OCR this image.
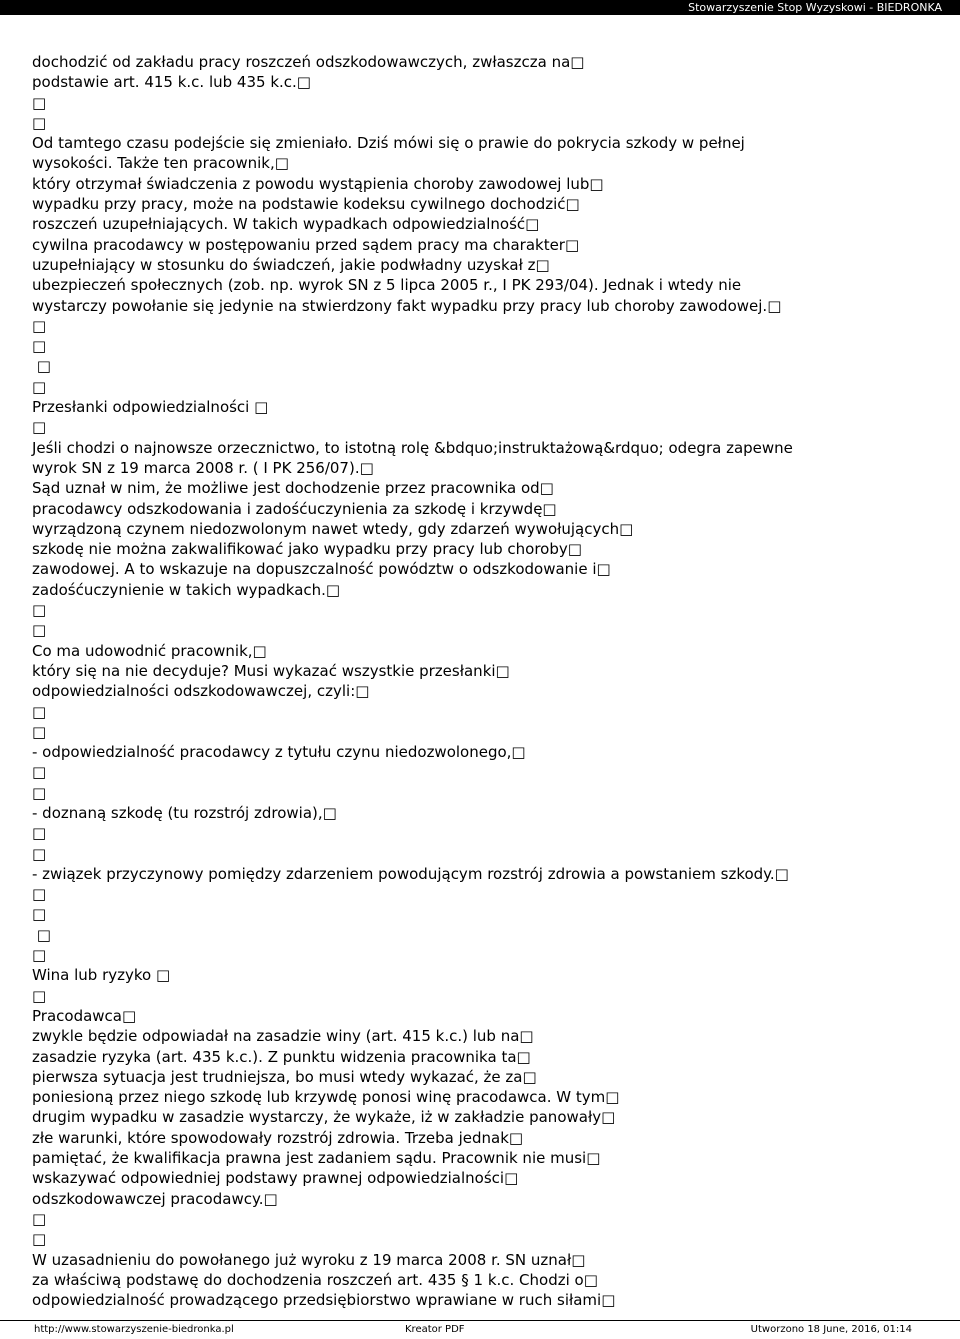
Stowarzyszenie Stop Wyzyskowi - BIEDRONKA
dochodzić od zakładu pracy roszczeń odszkodowawczych, zwłaszcza na□
podstawie art. 415 k.c. lub 435 k.c.□
□
□
Od tamtego czasu podejście się zmieniało. Dziś mówi się o prawie do pokrycia szkody w pełnej
wysokości. Także ten pracownik,□
który otrzymał świadczenia z powodu wystąpienia choroby zawodowej lub□
wypadku przy pracy, może na podstawie kodeksu cywilnego dochodzić□
roszczeń uzupełniających. W takich wypadkach odpowiedzialność□
cywilna pracodawcy w postępowaniu przed sądem pracy ma charakter□
uzupełniający w stosunku do świadczeń, jakie podwładny uzyskał z□
ubezpieczeń społecznych (zob. np. wyrok SN z 5 lipca 2005 r., I PK 293/04). Jednak i wtedy nie
wystarczy powołanie się jedynie na stwierdzony fakt wypadku przy pracy lub choroby zawodowej.□
□
□
□
□
Przesłanki odpowiedzialności □
□
Jeśli chodzi o najnowsze orzecznictwo, to istotną rolę &bdquo;instruktażową&rdquo; odegra zapewne
wyrok SN z 19 marca 2008 r. ( I PK 256/07).□
Sąd uznał w nim, że możliwe jest dochodzenie przez pracownika od□
pracodawcy odszkodowania i zadośćuczynienia za szkodę i krzywdę□
wyrządzoną czynem niedozwolonym nawet wtedy, gdy zdarzeń wywołujących□
szkodę nie można zakwalifikować jako wypadku przy pracy lub choroby□
zawodowej. A to wskazuje na dopuszczalność powództw o odszkodowanie i□
zadośćuczynienie w takich wypadkach.□
□
□
Co ma udowodnić pracownik,□
który się na nie decyduje? Musi wykazać wszystkie przesłanki□
odpowiedzialności odszkodowawczej, czyli:□
□
□
- odpowiedzialność pracodawcy z tytułu czynu niedozwolonego,□
□
□
- doznaną szkodę (tu rozstrój zdrowia),□
□
□
- związek przyczynowy pomiędzy zdarzeniem powodującym rozstrój zdrowia a powstaniem szkody.□
□
□
□
□
Wina lub ryzyko □
□
Pracodawca□
zwykle będzie odpowiadał na zasadzie winy (art. 415 k.c.) lub na□
zasadzie ryzyka (art. 435 k.c.). Z punktu widzenia pracownika ta□
pierwsza sytuacja jest trudniejsza, bo musi wtedy wykazać, że za□
poniesioną przez niego szkodę lub krzywdę ponosi winę pracodawca. W tym□
drugim wypadku w zasadzie wystarczy, że wykaże, iż w zakładzie panowały□
złe warunki, które spowodowały rozstrój zdrowia. Trzeba jednak□
pamiętać, że kwalifikacja prawna jest zadaniem sądu. Pracownik nie musi□
wskazywać odpowiedniej podstawy prawnej odpowiedzialności□
odszkodowawczej pracodawcy.□
□
□
W uzasadnieniu do powołanego już wyroku z 19 marca 2008 r. SN uznał□
za właściwą podstawę do dochodzenia roszczeń art. 435 § 1 k.c. Chodzi o□
odpowiedzialność prowadzącego przedsiębiorstwo wprawiane w ruch siłami□
http://www.stowarzyszenie-biedronka.pl	Kreator PDF	Utworzono 18 June, 2016, 01:14
